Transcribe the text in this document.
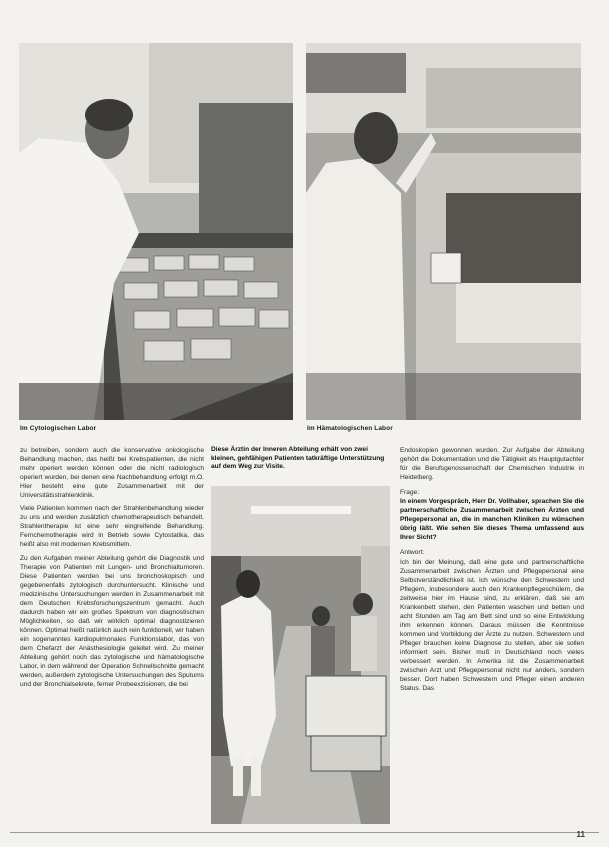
Im Cytologischen Labor	Im Hämatologischen Labor

zu betreiben, sondern auch die konservative onkologische Behandlung machen, das heißt bei Krebspatienten, die nicht mehr operiert werden können oder die nicht radiologisch operiert wurden, bei denen eine Nachbehandlung erfolgt m.O. Hier besteht eine gute Zusammenarbeit mit der Universitätsstrahlenklinik.

Viele Patienten kommen nach der Strahlenbehandlung wieder zu uns und werden zusätzlich chemotherapeutisch behandelt. Strahlentherapie ist eine sehr eingreifende Behandlung. Fernchemotherapie wird in Betrieb sowie Cytostatika, das heißt also mit modernen Krebsmitteln.

Zu den Aufgaben meiner Abteilung gehört die Diagnostik und Therapie von Patienten mit Lungen- und Bronchialtumoren. Diese Patienten werden bei uns bronchoskopisch und gegebenenfalls zytologisch durchuntersucht. Klinische und medizinische Untersuchungen werden in Zusammenarbeit mit dem Deutschen Krebsforschungszentrum gemacht. Auch dadurch haben wir ein großes Spektrum von diagnostischen Möglichkeiten, so daß wir wirklich optimal diagnostizieren können. Optimal heißt natürlich auch rein funktionell, wir haben ein sogenanntes kardiopulmonales Funktionslabor, das von dem Chefarzt der Anästhesiologie geleitet wird. Zu meiner Abteilung gehört noch das zytologische und hämatologische Labor, in dem während der Operation Schnellschnitte gemacht werden, außerdem zytologische Untersuchungen des Sputums und der Bronchialsekrete, ferner Probeexzisionen, die bei

Diese Ärztin der Inneren Abteilung erhält von zwei kleinen, gehfähigen Patienten tatkräftige Unterstützung auf dem Weg zur Visite.

Endoskopien gewonnen wurden. Zur Aufgabe der Abteilung gehört die Dokumentation und die Tätigkeit als Hauptgutachter für die Berufsgenossenschaft der Chemischen Industrie in Heidelberg.

Frage:

In einem Vorgespräch, Herr Dr. Vollhaber, sprachen Sie die partnerschaftliche Zusammenarbeit zwischen Ärzten und Pflegepersonal an, die in manchen Kliniken zu wünschen übrig läßt. Wie sehen Sie dieses Thema umfassend aus Ihrer Sicht?

Antwort:

Ich bin der Meinung, daß eine gute und partnerschaftliche Zusammenarbeit zwischen Ärzten und Pflegepersonal eine Selbstverständlichkeit ist. Ich wünsche den Schwestern und Pflegern, insbesondere auch den Krankenpflegeschülern, die zeitweise hier im Hause sind, zu erklären, daß sie am Krankenbett stehen, den Patienten waschen und betten und acht Stunden am Tag am Bett sind und so eine Entwicklung ihm erkennen können. Daraus müssen die Kenntnisse kommen und Vorbildung der Ärzte zu nutzen. Schwestern und Pfleger brauchen keine Diagnose zu stellen, aber sie sollen informiert sein. Bisher muß in Deutschland noch vieles verbessert werden. In Amerika ist die Zusammenarbeit zwischen Arzt und Pflegepersonal nicht nur anders, sondern besser. Dort haben Schwestern und Pfleger einen anderen Status. Das

11
